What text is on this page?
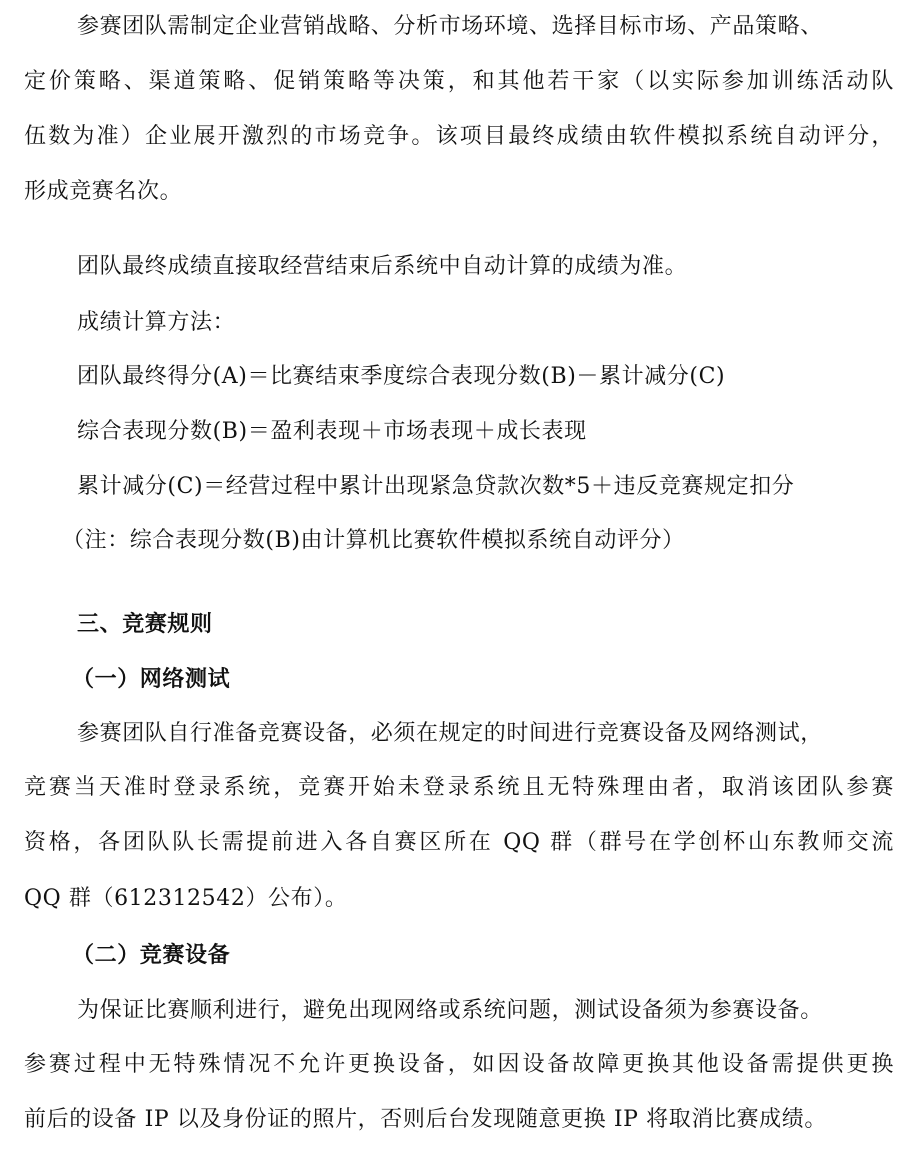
参赛团队需制定企业营销战略、分析市场环境、选择目标市场、产品策略、
定价策略、渠道策略、促销策略等决策，和其他若干家（以实际参加训练活动队
伍数为准）企业展开激烈的市场竞争。该项目最终成绩由软件模拟系统自动评分，
形成竞赛名次。
团队最终成绩直接取经营结束后系统中自动计算的成绩为准。
成绩计算方法：
团队最终得分(A)＝比赛结束季度综合表现分数(B)－累计减分(C)
综合表现分数(B)＝盈利表现＋市场表现＋成长表现
累计减分(C)＝经营过程中累计出现紧急贷款次数*5＋违反竞赛规定扣分
（注：综合表现分数(B)由计算机比赛软件模拟系统自动评分）
三、竞赛规则
（一）网络测试
参赛团队自行准备竞赛设备，必须在规定的时间进行竞赛设备及网络测试，
竞赛当天准时登录系统，竞赛开始未登录系统且无特殊理由者，取消该团队参赛
资格，各团队队长需提前进入各自赛区所在 QQ 群（群号在学创杯山东教师交流
QQ 群（612312542）公布）。
（二）竞赛设备
为保证比赛顺利进行，避免出现网络或系统问题，测试设备须为参赛设备。
参赛过程中无特殊情况不允许更换设备，如因设备故障更换其他设备需提供更换
前后的设备 IP 以及身份证的照片，否则后台发现随意更换 IP 将取消比赛成绩。
